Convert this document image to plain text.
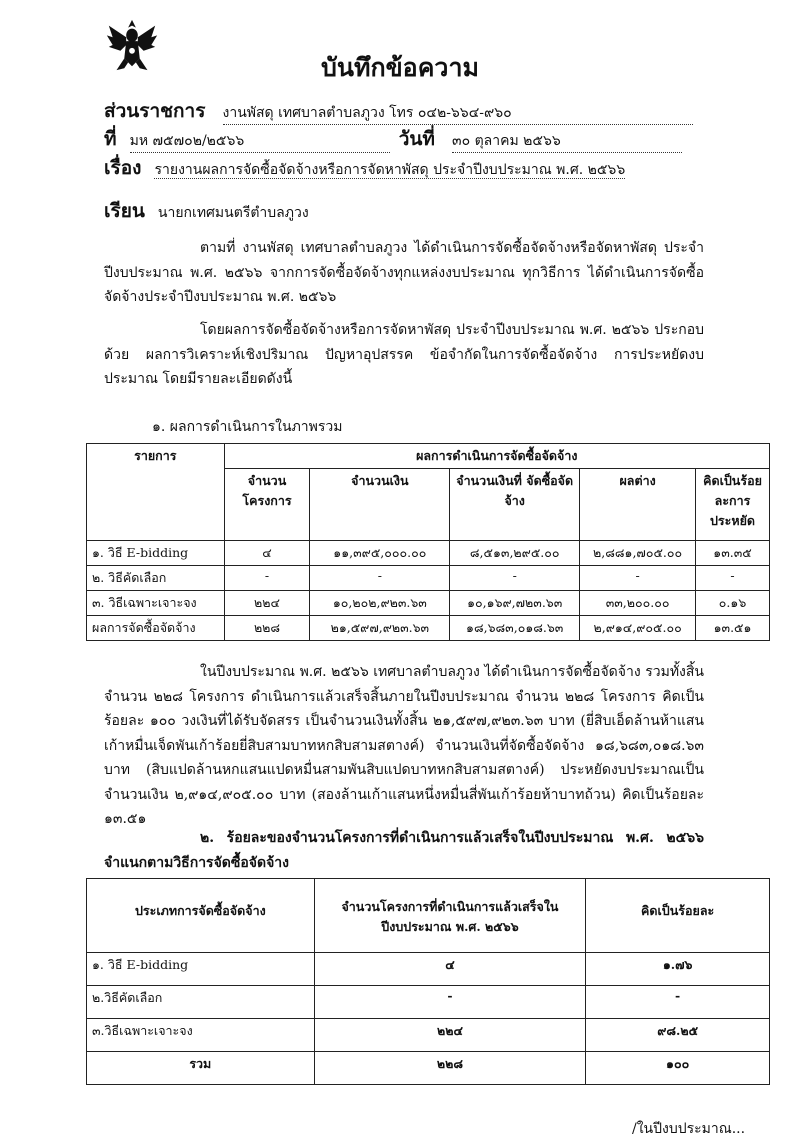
บันทึกข้อความ
ส่วนราชการ งานพัสดุ เทศบาลตำบลภูวง โทร ๐๔๒-๖๖๔-๙๖๐
ที่ มห ๗๕๗๐๒/๒๕๖๖	วันที่ ๓๐ ตุลาคม ๒๕๖๖
เรื่อง รายงานผลการจัดซื้อจัดจ้างหรือการจัดหาพัสดุ ประจำปีงบประมาณ พ.ศ. ๒๕๖๖
เรียน นายกเทศมนตรีตำบลภูวง
ตามที่ งานพัสดุ เทศบาลตำบลภูวง ได้ดำเนินการจัดซื้อจัดจ้างหรือจัดหาพัสดุ ประจำปีงบประมาณ พ.ศ. ๒๕๖๖ จากการจัดซื้อจัดจ้างทุกแหล่งงบประมาณ ทุกวิธีการ ได้ดำเนินการจัดซื้อจัดจ้างประจำปีงบประมาณ พ.ศ. ๒๕๖๖
โดยผลการจัดซื้อจัดจ้างหรือการจัดหาพัสดุ ประจำปีงบประมาณ พ.ศ. ๒๕๖๖ ประกอบด้วย ผลการวิเคราะห์เชิงปริมาณ ปัญหาอุปสรรค ข้อจำกัดในการจัดซื้อจัดจ้าง การประหยัดงบประมาณ โดยมีรายละเอียดดังนี้
๑. ผลการดำเนินการในภาพรวม
รายการ	ผลการดำเนินการจัดซื้อจัดจ้าง				
	จำนวน โครงการ	จำนวนเงิน	จำนวนเงินที่ จัดซื้อจัดจ้าง	ผลต่าง	คิดเป็นร้อย ละการ ประหยัด
๑. วิธี E-bidding	๔	๑๑,๓๙๕,๐๐๐.๐๐	๘,๕๑๓,๒๙๕.๐๐	๒,๘๘๑,๗๐๕.๐๐	๑๓.๓๕
๒. วิธีคัดเลือก	-	-	-	-	-
๓. วิธีเฉพาะเจาะจง	๒๒๔	๑๐,๒๐๒,๙๒๓.๖๓	๑๐,๑๖๙,๗๒๓.๖๓	๓๓,๒๐๐.๐๐	๐.๑๖
ผลการจัดซื้อจัดจ้าง	๒๒๘	๒๑,๕๙๗,๙๒๓.๖๓	๑๘,๖๘๓,๐๑๘.๖๓	๒,๙๑๔,๙๐๕.๐๐	๑๓.๕๑
ในปีงบประมาณ พ.ศ. ๒๕๖๖ เทศบาลตำบลภูวง ได้ดำเนินการจัดซื้อจัดจ้าง รวมทั้งสิ้นจำนวน ๒๒๘ โครงการ ดำเนินการแล้วเสร็จสิ้นภายในปีงบประมาณ จำนวน ๒๒๘ โครงการ คิดเป็นร้อยละ ๑๐๐ วงเงินที่ได้รับจัดสรร เป็นจำนวนเงินทั้งสิ้น ๒๑,๕๙๗,๙๒๓.๖๓ บาท (ยี่สิบเอ็ดล้านห้าแสนเก้าหมื่นเจ็ดพันเก้าร้อยยี่สิบสามบาทหกสิบสามสตางค์) จำนวนเงินที่จัดซื้อจัดจ้าง ๑๘,๖๘๓,๐๑๘.๖๓ บาท (สิบแปดล้านหกแสนแปดหมื่นสามพันสิบแปดบาทหกสิบสามสตางค์) ประหยัดงบประมาณเป็นจำนวนเงิน ๒,๙๑๔,๙๐๕.๐๐ บาท (สองล้านเก้าแสนหนึ่งหมื่นสี่พันเก้าร้อยห้าบาทถ้วน) คิดเป็นร้อยละ ๑๓.๕๑
๒. ร้อยละของจำนวนโครงการที่ดำเนินการแล้วเสร็จในปีงบประมาณ พ.ศ. ๒๕๖๖ จำแนกตามวิธีการจัดซื้อจัดจ้าง
ประเภทการจัดซื้อจัดจ้าง	จำนวนโครงการที่ดำเนินการแล้วเสร็จใน ปีงบประมาณ พ.ศ. ๒๕๖๖	คิดเป็นร้อยละ
๑. วิธี E-bidding	๔	๑.๗๖
๒.วิธีคัดเลือก	-	-
๓.วิธีเฉพาะเจาะจง	๒๒๔	๙๘.๒๕
รวม	๒๒๘	๑๐๐
/ในปีงบประมาณ...
